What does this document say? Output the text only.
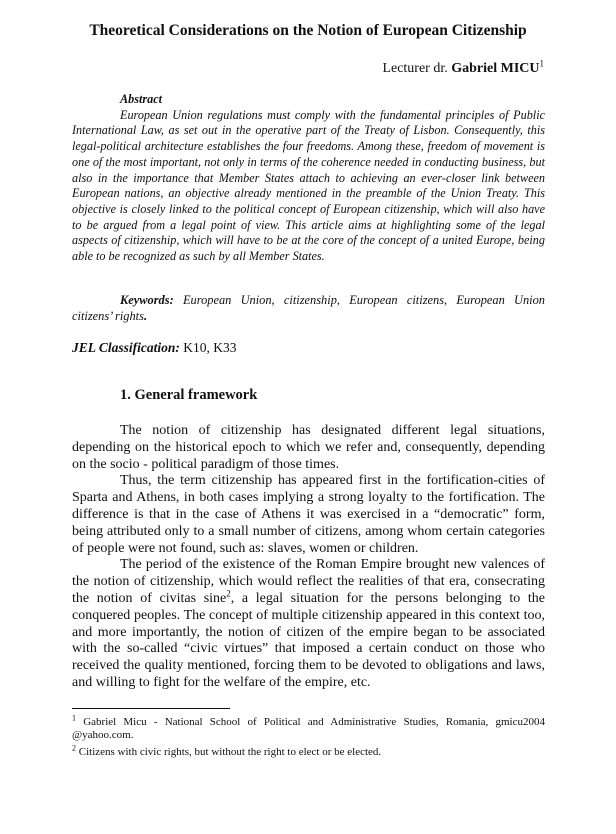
Theoretical Considerations on the Notion of European Citizenship
Lecturer dr. Gabriel MICU$^1$

Abstract

European Union regulations must comply with the fundamental principles of Public International Law, as set out in the operative part of the Treaty of Lisbon. Consequently, this legal-political architecture establishes the four freedoms. Among these, freedom of movement is one of the most important, not only in terms of the coherence needed in conducting business, but also in the importance that Member States attach to achieving an ever-closer link between European nations, an objective already mentioned in the preamble of the Union Treaty. This objective is closely linked to the political concept of European citizenship, which will also have to be argued from a legal point of view. This article aims at highlighting some of the legal aspects of citizenship, which will have to be at the core of the concept of a united Europe, being able to be recognized as such by all Member States.

Keywords: European Union, citizenship, European citizens, European Union citizens’ rights.

JEL Classification: K10, K33
1. General framework

The notion of citizenship has designated different legal situations, depending on the historical epoch to which we refer and, consequently, depending on the socio - political paradigm of those times.

Thus, the term citizenship has appeared first in the fortification-cities of Sparta and Athens, in both cases implying a strong loyalty to the fortification. The difference is that in the case of Athens it was exercised in a “democratic” form, being attributed only to a small number of citizens, among whom certain categories of people were not found, such as: slaves, women or children.

The period of the existence of the Roman Empire brought new valences of the notion of citizenship, which would reflect the realities of that era, consecrating the notion of civitas sine$^2$, a legal situation for the persons belonging to the conquered peoples. The concept of multiple citizenship appeared in this context too, and more importantly, the notion of citizen of the empire began to be associated with the so-called “civic virtues” that imposed a certain conduct on those who received the quality mentioned, forcing them to be devoted to obligations and laws, and willing to fight for the welfare of the empire, etc.

$^1$ Gabriel Micu - National School of Political and Administrative Studies, Romania, gmicu2004 @yahoo.com.
$^2$ Citizens with civic rights, but without the right to elect or be elected.
